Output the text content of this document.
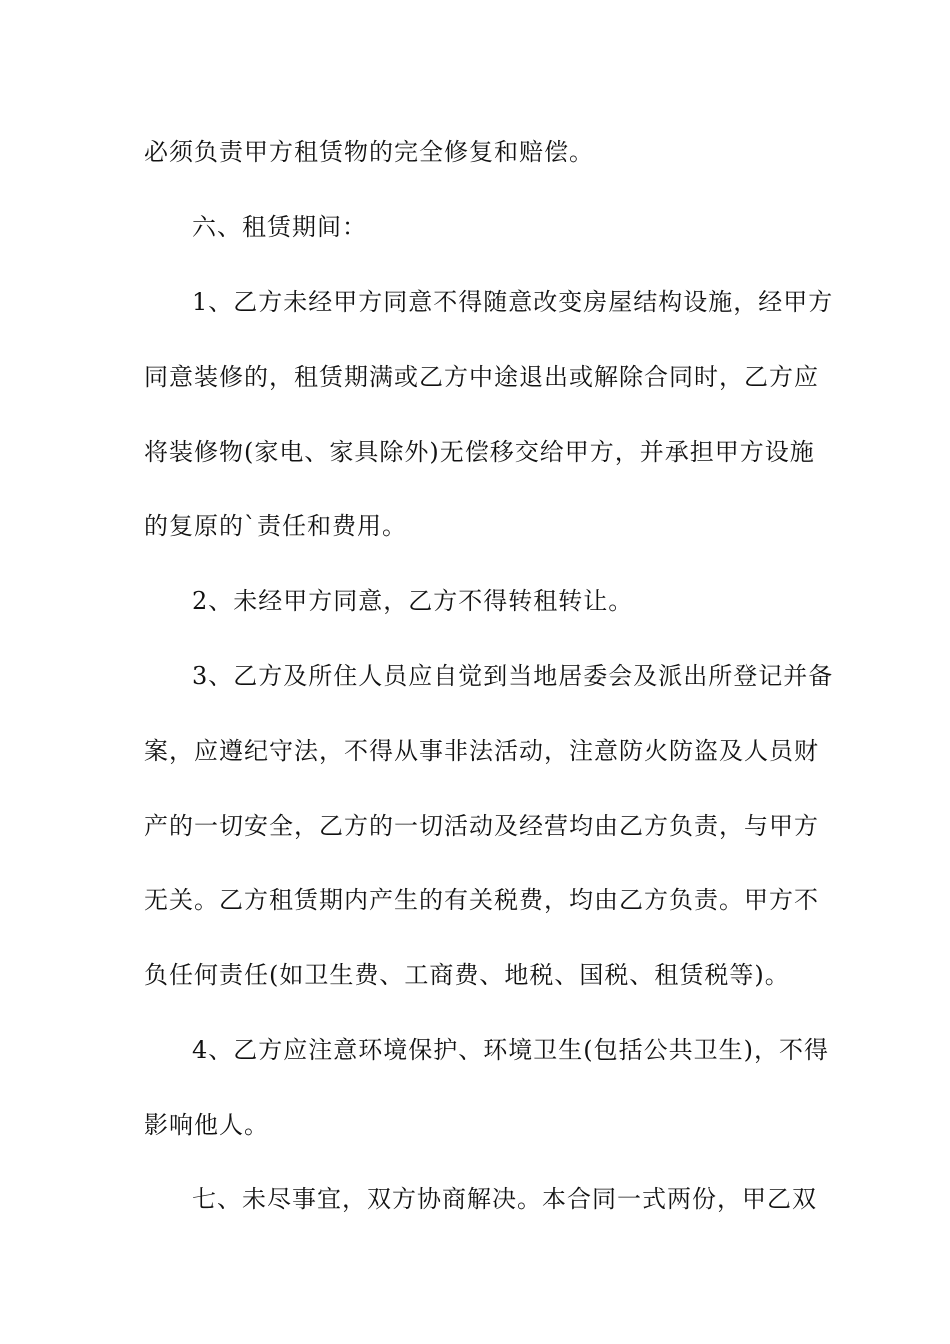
必须负责甲方租赁物的完全修复和赔偿。
六、租赁期间：
1、乙方未经甲方同意不得随意改变房屋结构设施，经甲方
同意装修的，租赁期满或乙方中途退出或解除合同时，乙方应
将装修物(家电、家具除外)无偿移交给甲方，并承担甲方设施
的复原的`责任和费用。
2、未经甲方同意，乙方不得转租转让。
3、乙方及所住人员应自觉到当地居委会及派出所登记并备
案，应遵纪守法，不得从事非法活动，注意防火防盗及人员财
产的一切安全，乙方的一切活动及经营均由乙方负责，与甲方
无关。乙方租赁期内产生的有关税费，均由乙方负责。甲方不
负任何责任(如卫生费、工商费、地税、国税、租赁税等)。
4、乙方应注意环境保护、环境卫生(包括公共卫生)，不得
影响他人。
七、未尽事宜，双方协商解决。本合同一式两份，甲乙双
